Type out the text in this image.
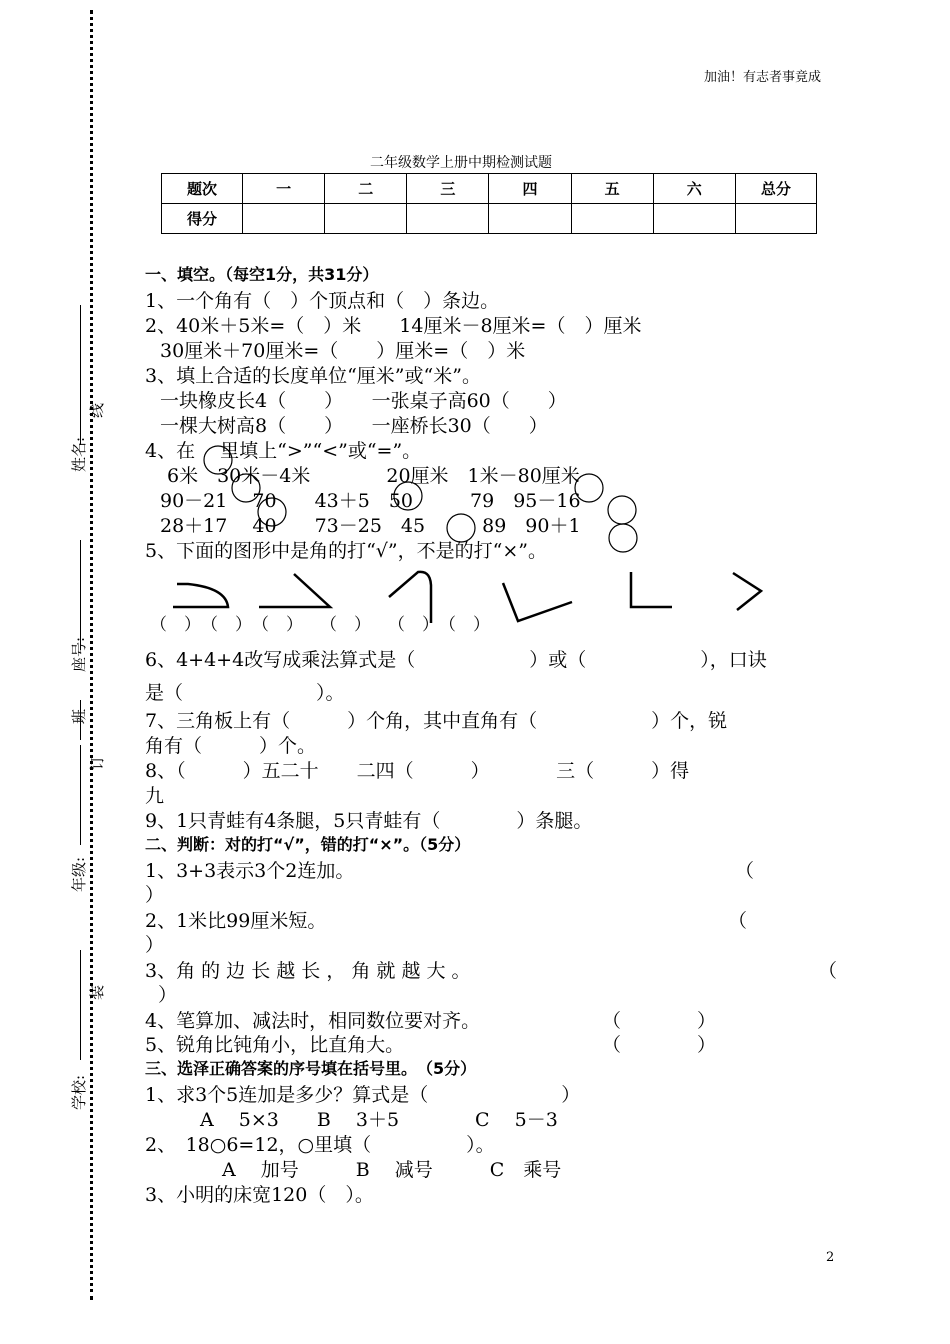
加油！有志者事竟成
二年级数学上册中期检测试题
题次	一	二	三	四	五	六	总分
得分							
姓名:
线
座号:
班
订
年级:
装
学校:
一、填空。（每空1分，共31分）
1、一个角有（　）个顶点和（　）条边。
2、40米＋5米=（　）米　　14厘米－8厘米=（　）厘米
30厘米＋70厘米=（　　）厘米=（　）米
3、填上合适的长度单位“厘米”或“米”。
一块橡皮长4（　　）　　一张桌子高60（　　）
一棵大树高8（　　）　　一座桥长30（　　）
4、在　 里填上“>”“<”或“=”。
6米　30米－4米　　　　20厘米　1米－80厘米
90－21　 70　　43＋5　50　　　79　95－16
28＋17　 40　　73－25　45　　　89　90＋1
5、下面的图形中是角的打“√”，不是的打“×”。
（　）　（　）　（　）　　（　）　　（　）　（　）
6、4+4+4改写成乘法算式是（　　　　　　）或（　　　　　　），口诀
是（　　　　　　　）。
7、三角板上有（　　　）个角，其中直角有（　　　　　　）个，锐
角有（　　　）个。
8、（　　　）五二十　　二四（　　　）　　　　三（　　　）得
九
9、1只青蛙有4条腿，5只青蛙有（　　　　）条腿。
二、判断：对的打“√”，错的打“×”。（5分）
1、3+3表示3个2连加。	（
）
2、1米比99厘米短。	（
）
3、角 的 边 长 越 长 ， 角 就 越 大 。	（
）
4、笔算加、减法时，相同数位要对齐。	（　　　　）
5、锐角比钝角小，比直角大。	（　　　　）
三、选泽正确答案的序号填在括号里。　（5分）
1、求3个5连加是多少？算式是（　　　　　　　）
A　 5×3　　B　 3＋5　　　　C　 5－3
2、　18○6=12，○里填（　　　　　）。
A　 加号　　　B　 减号　　　C　乘号
3、小明的床宽120（　）。
2
